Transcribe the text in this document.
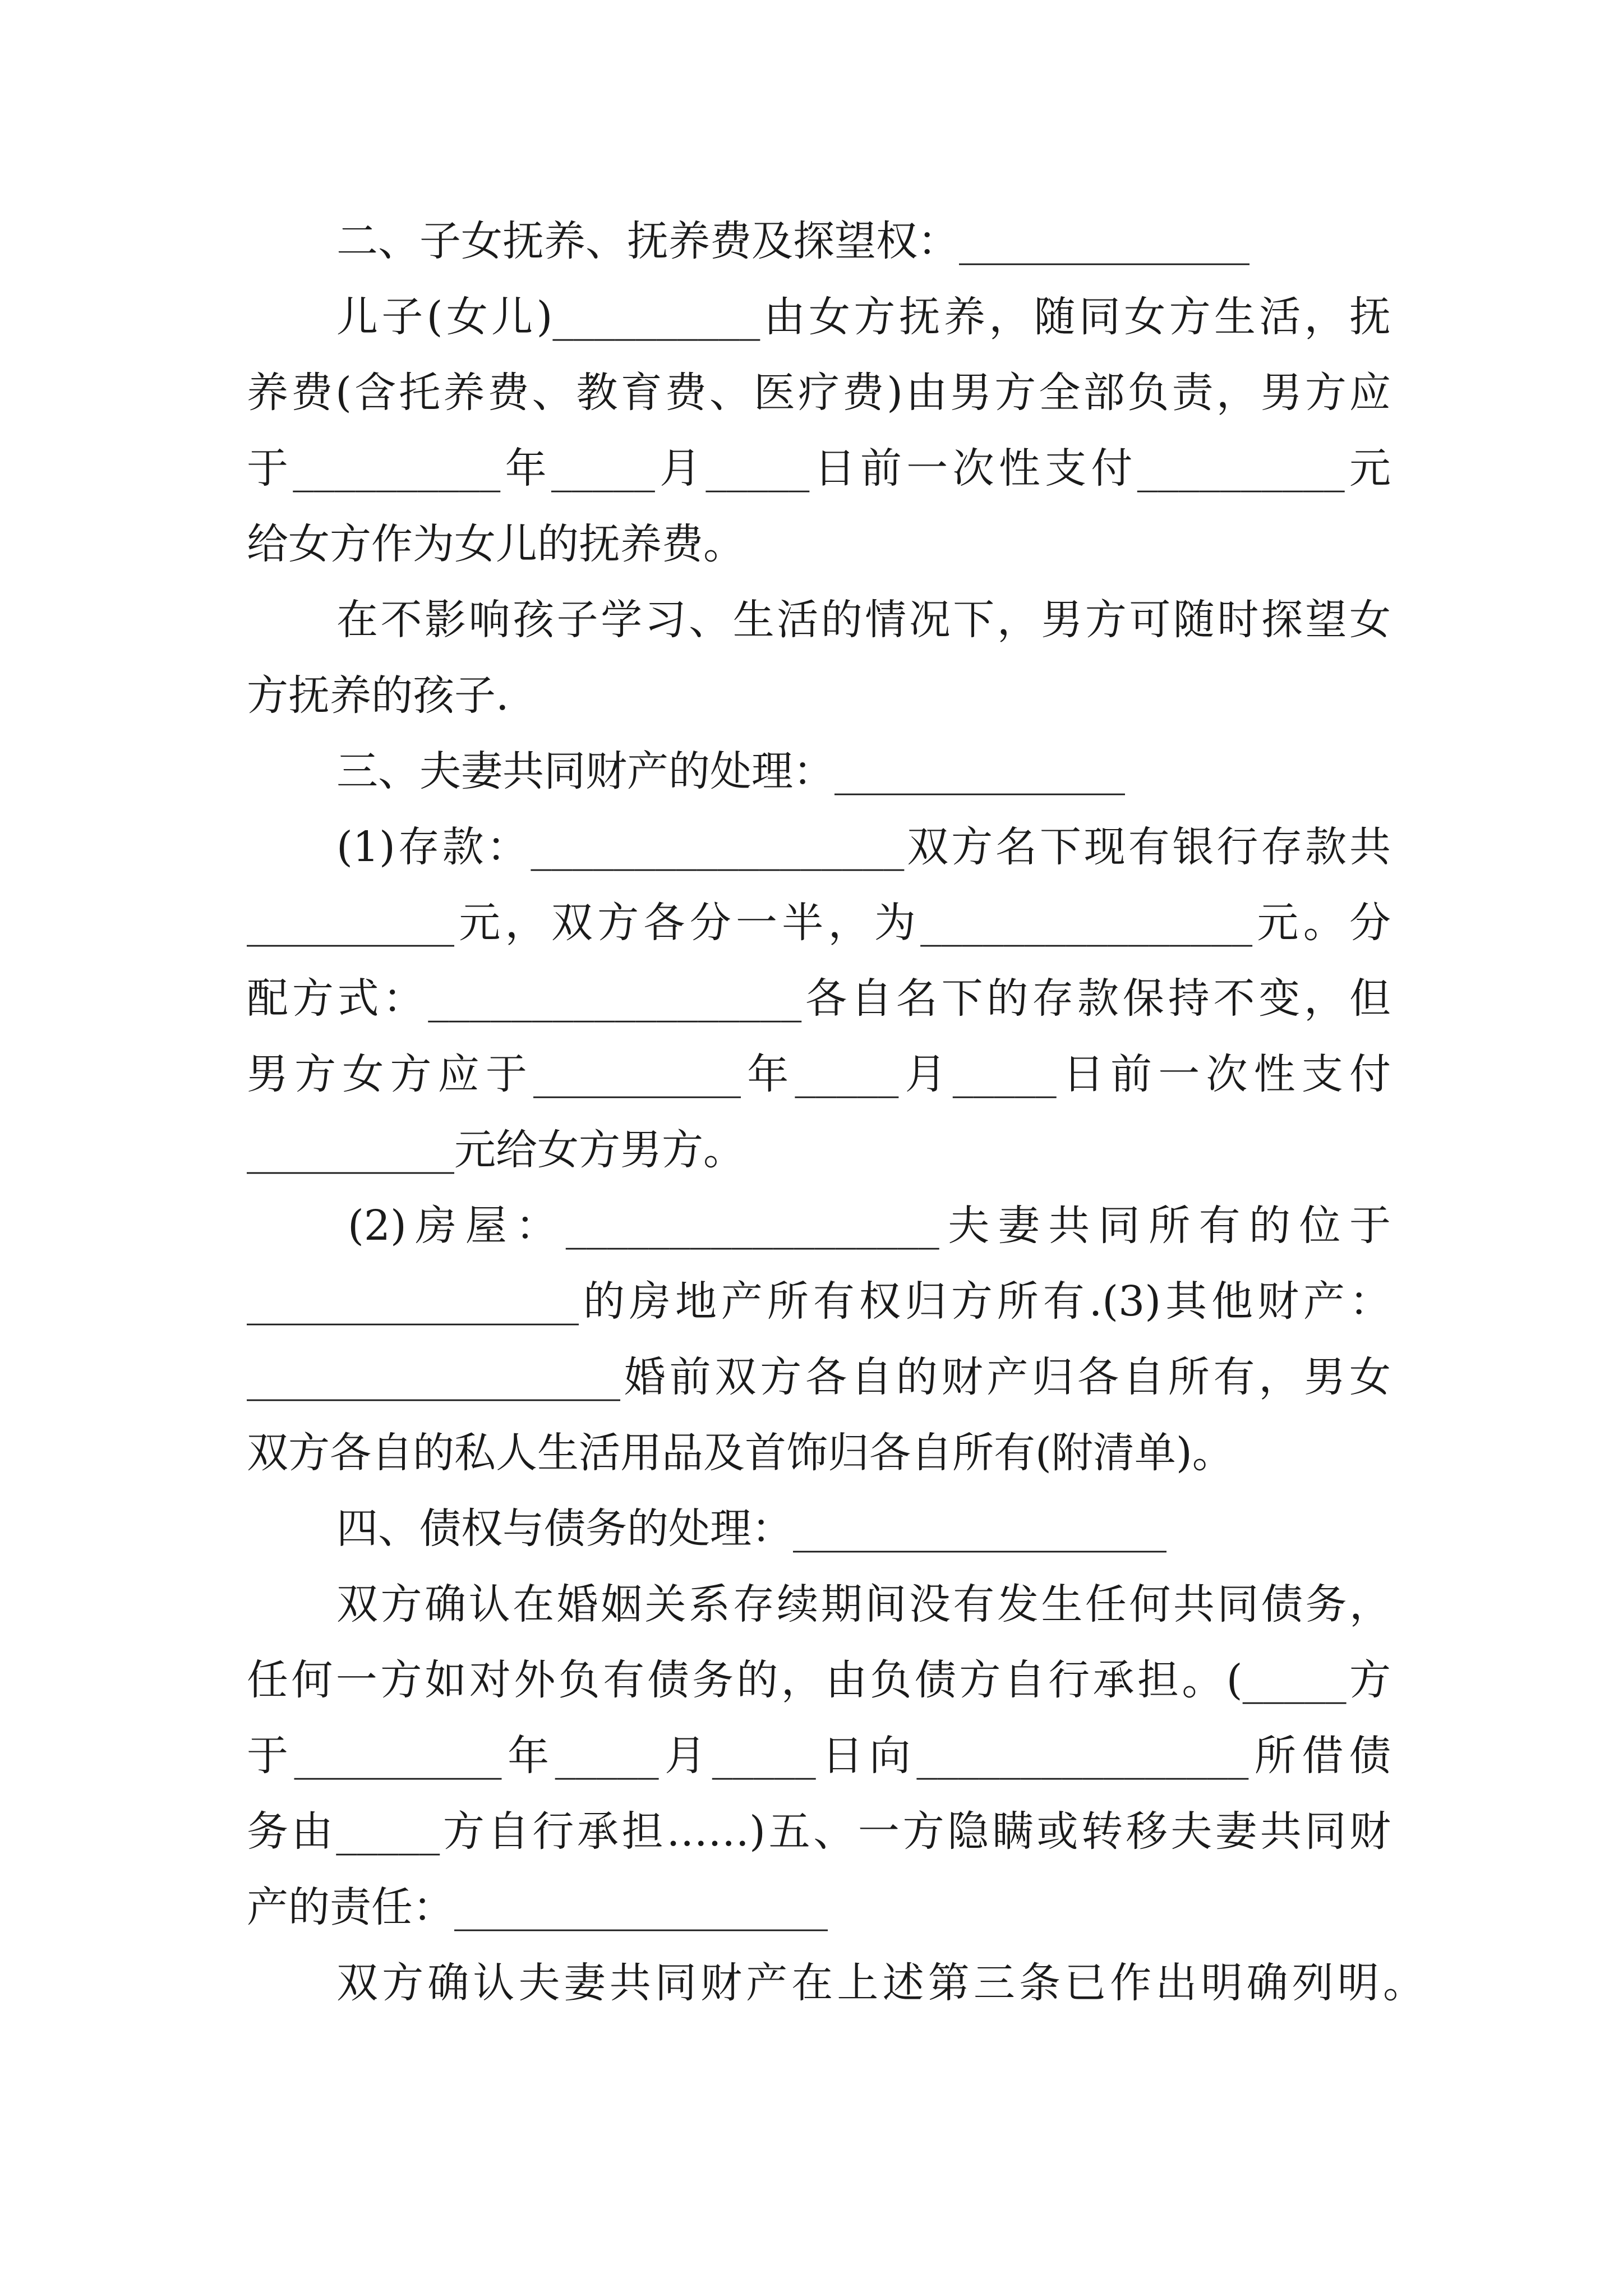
二、子女抚养、抚养费及探望权：______________
儿子(女儿)__________由女方抚养，随同女方生活，抚
养费(含托养费、教育费、医疗费)由男方全部负责，男方应
于__________年_____月_____日前一次性支付__________元
给女方作为女儿的抚养费。
在不影响孩子学习、生活的情况下，男方可随时探望女
方抚养的孩子.
三、夫妻共同财产的处理：______________
(1)存款：__________________双方名下现有银行存款共
__________元，双方各分一半，为________________元。分
配方式：__________________各自名下的存款保持不变，但
男方女方应于__________年_____月_____日前一次性支付
__________元给女方男方。
(2)房屋：__________________夫妻共同所有的位于
________________的房地产所有权归方所有.(3)其他财产：
__________________婚前双方各自的财产归各自所有，男女
双方各自的私人生活用品及首饰归各自所有(附清单)。
四、债权与债务的处理：__________________
双方确认在婚姻关系存续期间没有发生任何共同债务，
任何一方如对外负有债务的，由负债方自行承担。(_____方
于__________年_____月_____日向________________所借债
务由_____方自行承担……)五、一方隐瞒或转移夫妻共同财
产的责任：__________________
双方确认夫妻共同财产在上述第三条已作出明确列明。
